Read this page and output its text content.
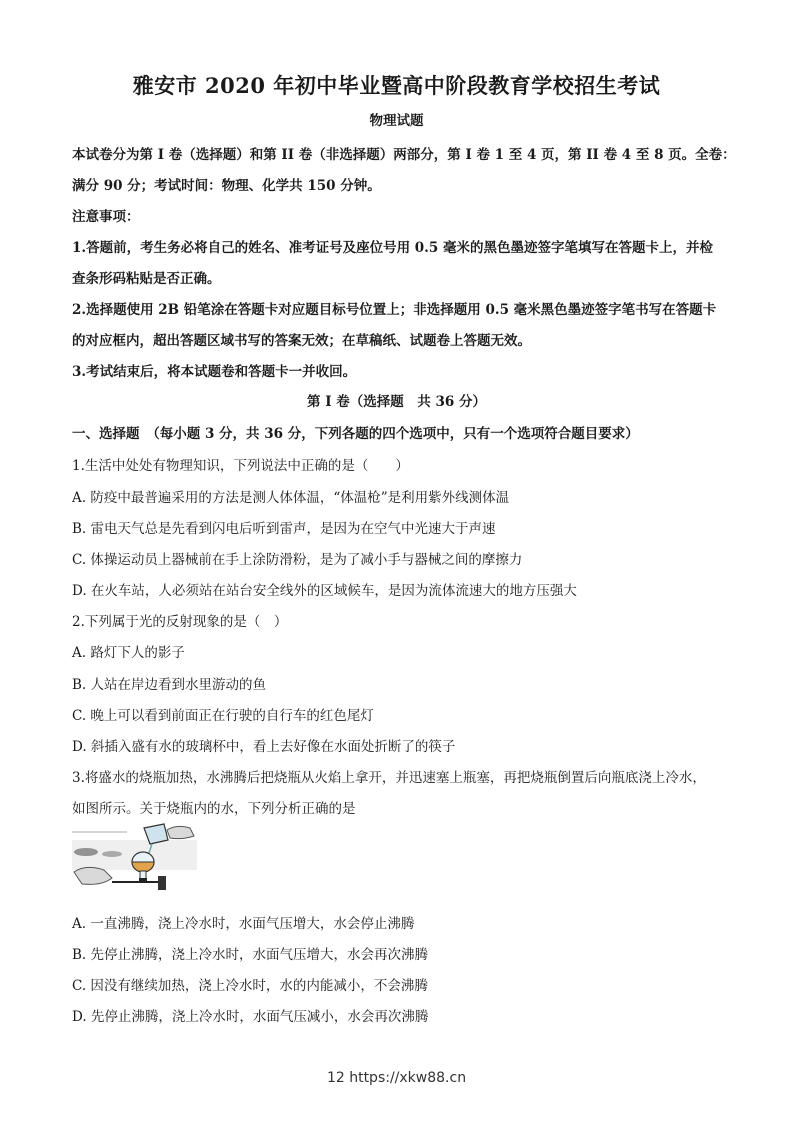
雅安市 2020 年初中毕业暨高中阶段教育学校招生考试
物理试题
本试卷分为第 I 卷（选择题）和第 II 卷（非选择题）两部分，第 I 卷 1 至 4 页，第 II 卷 4 至 8 页。全卷：
满分 90 分；考试时间：物理、化学共 150 分钟。
注意事项：
1.答题前，考生务必将自己的姓名、准考证号及座位号用 0.5 毫米的黑色墨迹签字笔填写在答题卡上，并检
查条形码粘贴是否正确。
2.选择题使用 2B 铅笔涂在答题卡对应题目标号位置上；非选择题用 0.5 毫米黑色墨迹签字笔书写在答题卡
的对应框内，超出答题区域书写的答案无效；在草稿纸、试题卷上答题无效。
3.考试结束后，将本试题卷和答题卡一并收回。
第 I 卷（选择题　共 36 分）
一、选择题　（每小题 3 分，共 36 分，下列各题的四个选项中，只有一个选项符合题目要求）
1.生活中处处有物理知识，下列说法中正确的是（　　）
A. 防疫中最普遍采用的方法是测人体体温，“体温枪”是利用紫外线测体温
B. 雷电天气总是先看到闪电后听到雷声，是因为在空气中光速大于声速
C. 体操运动员上器械前在手上涂防滑粉，是为了减小手与器械之间的摩擦力
D. 在火车站，人必须站在站台安全线外的区域候车，是因为流体流速大的地方压强大
2.下列属于光的反射现象的是（　）
A. 路灯下人的影子
B. 人站在岸边看到水里游动的鱼
C. 晚上可以看到前面正在行驶的自行车的红色尾灯
D. 斜插入盛有水的玻璃杯中，看上去好像在水面处折断了的筷子
3.将盛水的烧瓶加热，水沸腾后把烧瓶从火焰上拿开，并迅速塞上瓶塞，再把烧瓶倒置后向瓶底浇上冷水，
如图所示。关于烧瓶内的水，下列分析正确的是
A. 一直沸腾，浇上冷水时，水面气压增大，水会停止沸腾
B. 先停止沸腾，浇上冷水时，水面气压增大，水会再次沸腾
C. 因没有继续加热，浇上冷水时，水的内能减小，不会沸腾
D. 先停止沸腾，浇上冷水时，水面气压减小，水会再次沸腾
12 https://xkw88.cn
